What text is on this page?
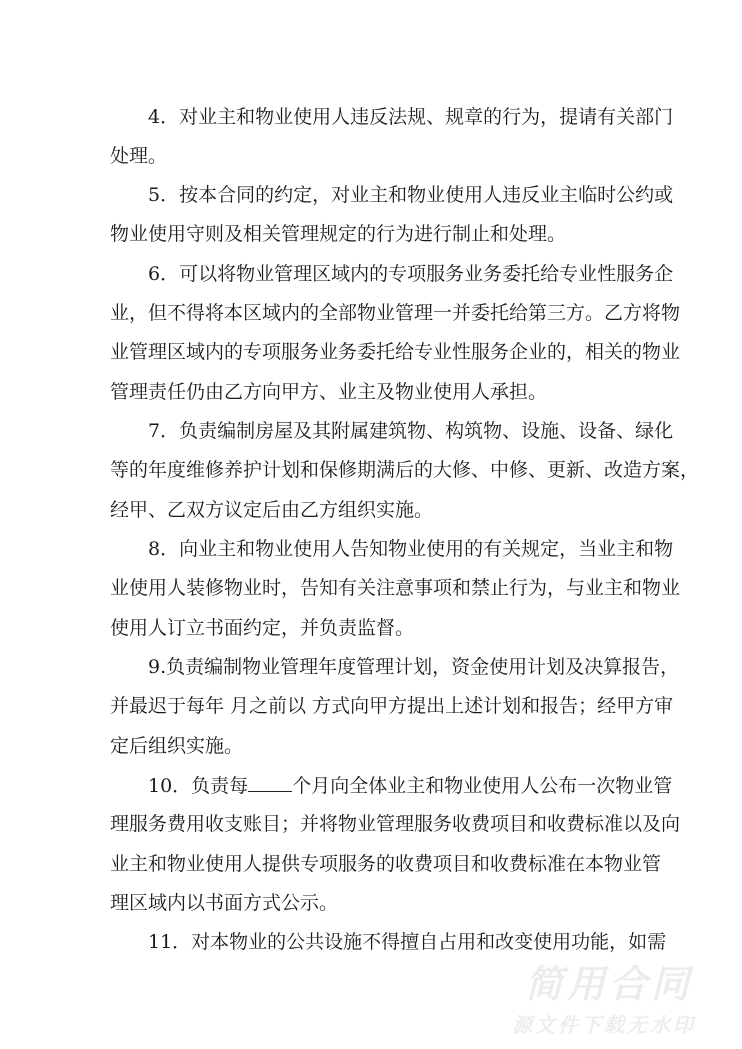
简用合同
源文件下载无水印
4．对业主和物业使用人违反法规、规章的行为，提请有关部门
处理。
5．按本合同的约定，对业主和物业使用人违反业主临时公约或
物业使用守则及相关管理规定的行为进行制止和处理。
6．可以将物业管理区域内的专项服务业务委托给专业性服务企
业，但不得将本区域内的全部物业管理一并委托给第三方。乙方将物
业管理区域内的专项服务业务委托给专业性服务企业的，相关的物业
管理责任仍由乙方向甲方、业主及物业使用人承担。
7．负责编制房屋及其附属建筑物、构筑物、设施、设备、绿化
等的年度维修养护计划和保修期满后的大修、中修、更新、改造方案，
经甲、乙双方议定后由乙方组织实施。
8．向业主和物业使用人告知物业使用的有关规定，当业主和物
业使用人装修物业时，告知有关注意事项和禁止行为，与业主和物业
使用人订立书面约定，并负责监督。
9.负责编制物业管理年度管理计划，资金使用计划及决算报告，
并最迟于每年 月之前以 方式向甲方提出上述计划和报告；经甲方审
定后组织实施。
10．负责每 个月向全体业主和物业使用人公布一次物业管
理服务费用收支账目；并将物业管理服务收费项目和收费标准以及向
业主和物业使用人提供专项服务的收费项目和收费标准在本物业管
理区域内以书面方式公示。
11．对本物业的公共设施不得擅自占用和改变使用功能，如需
